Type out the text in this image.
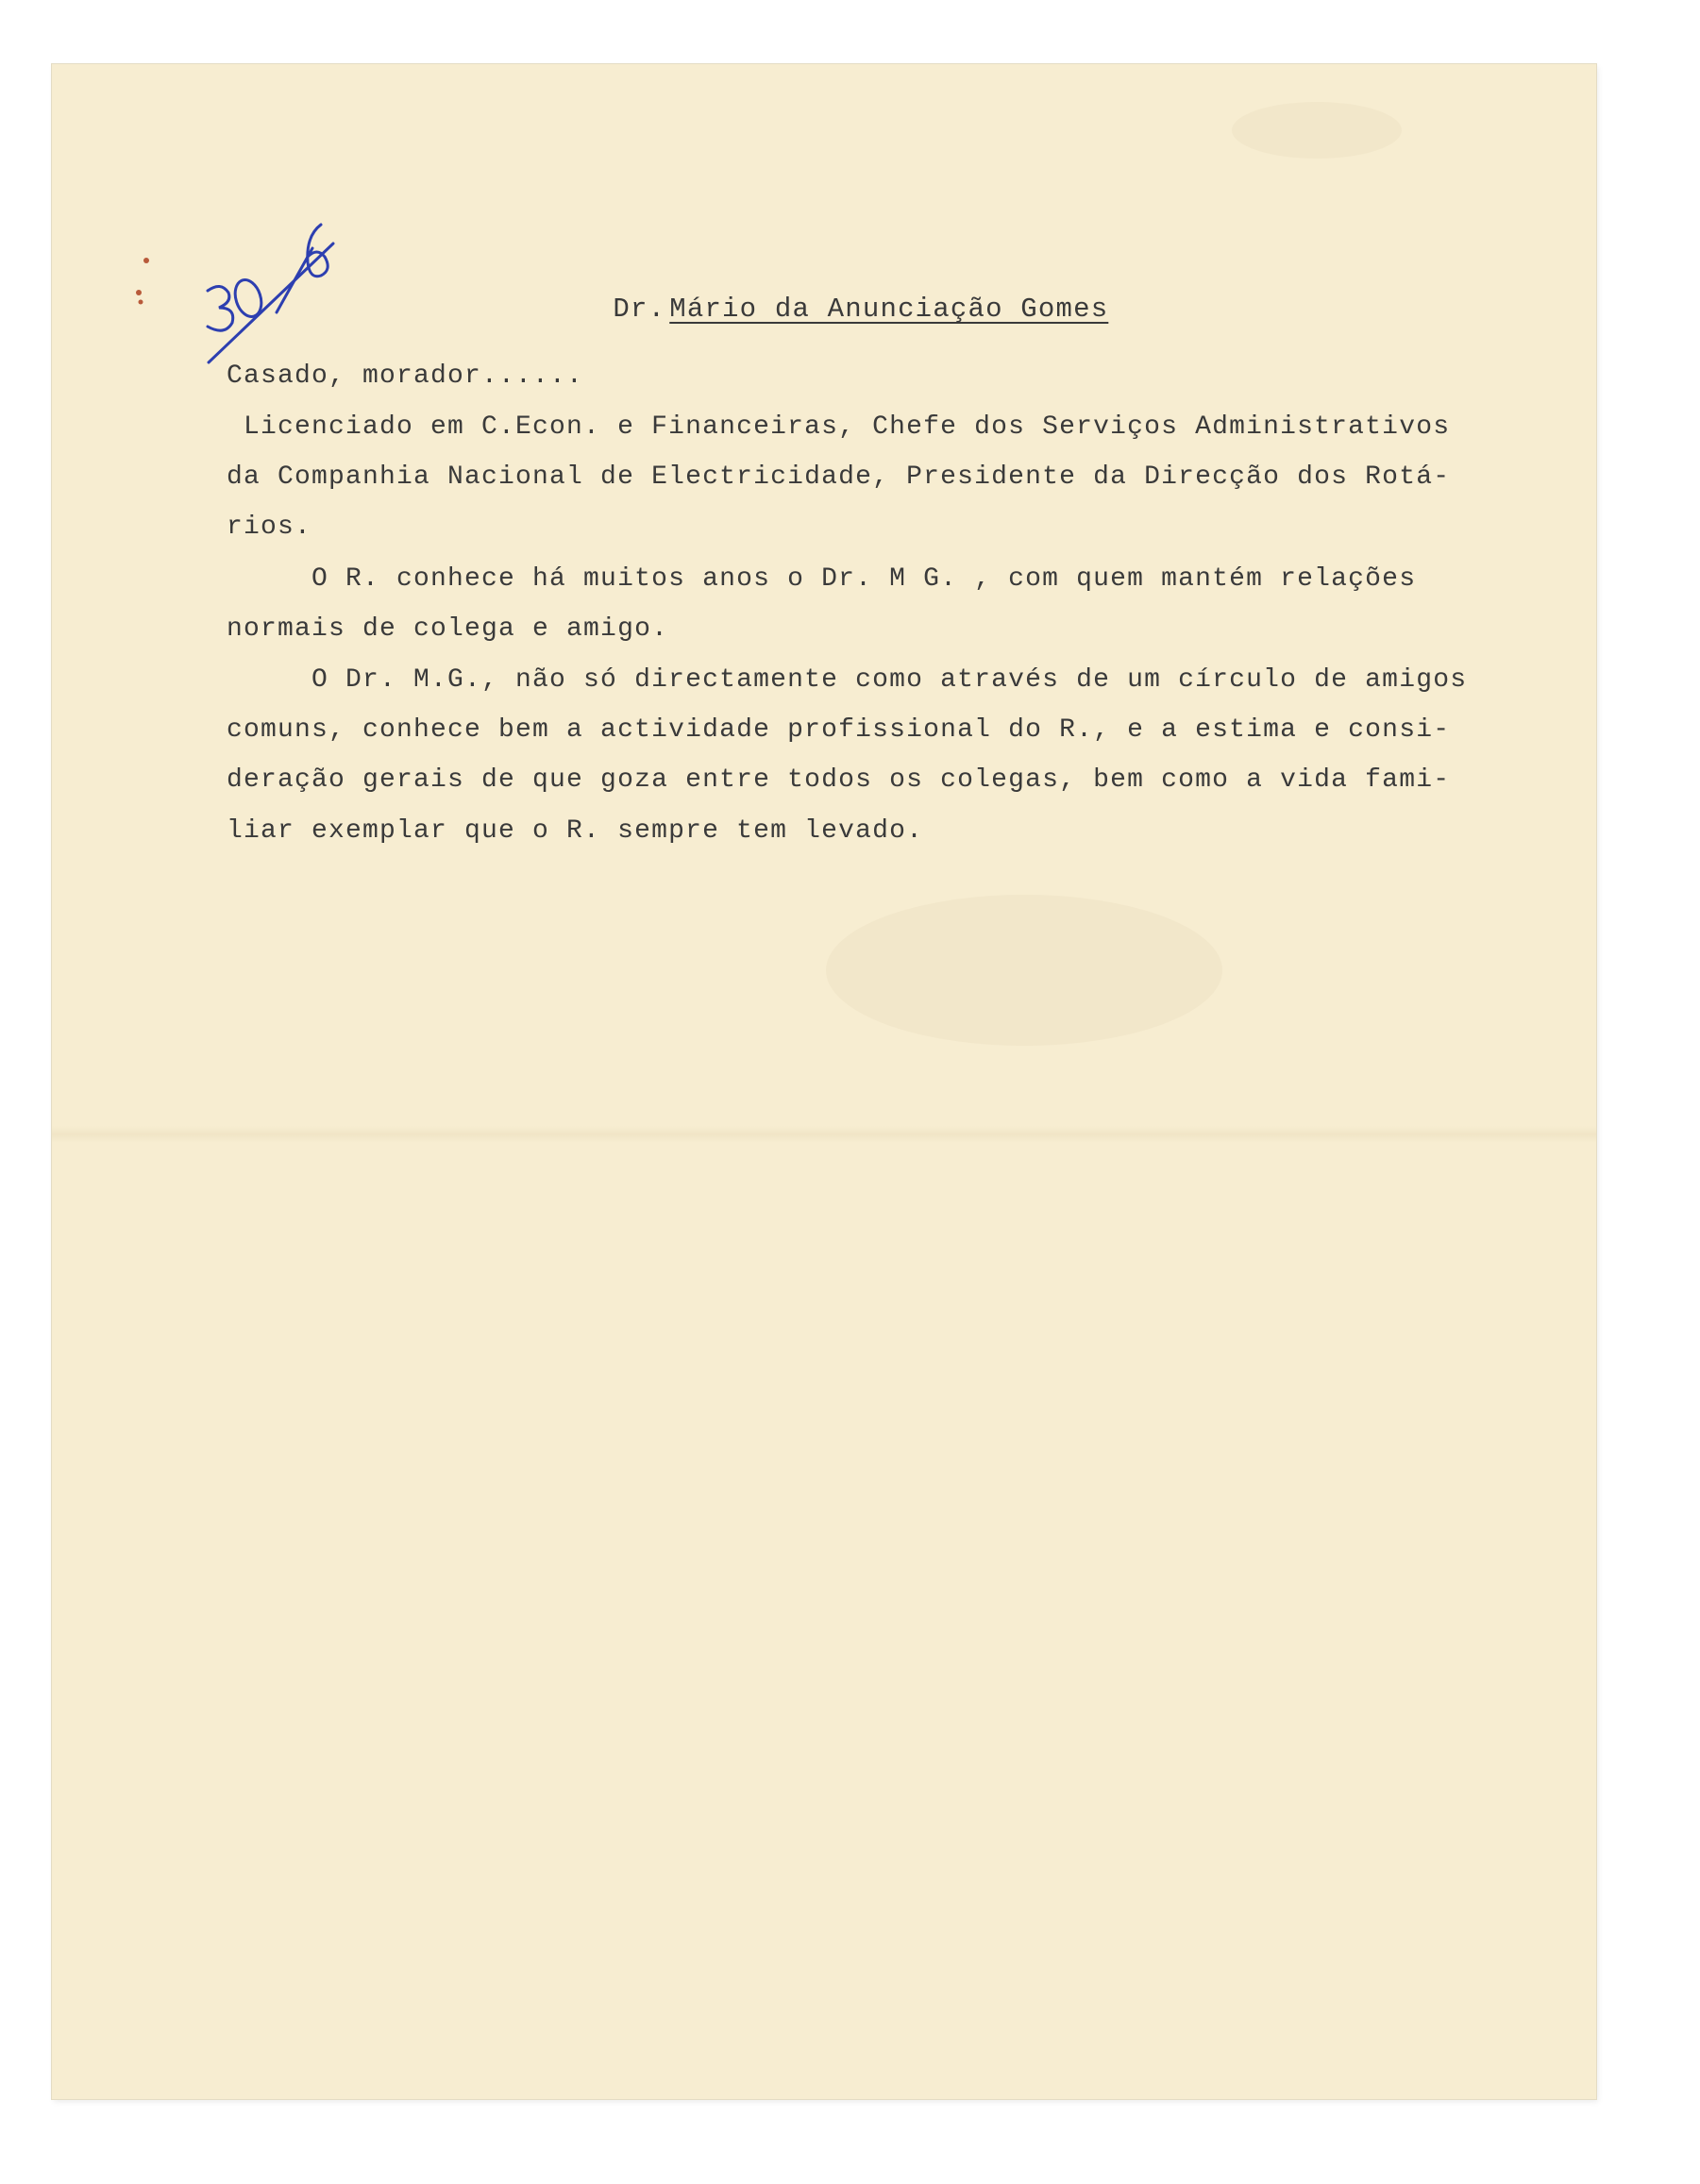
Dr. Mário da Anunciação Gomes

Casado, morador......
Licenciado em C.Econ. e Financeiras, Chefe dos Serviços Administrativos
da Companhia Nacional de Electricidade, Presidente da Direcção dos Rotá-
rios.
O R. conhece há muitos anos o Dr. M G. , com quem mantém relações
normais de colega e amigo.
O Dr. M.G., não só directamente como através de um círculo de amigos
comuns, conhece bem a actividade profissional do R., e a estima e consi-
deração gerais de que goza entre todos os colegas, bem como a vida fami-
liar exemplar que o R. sempre tem levado.
